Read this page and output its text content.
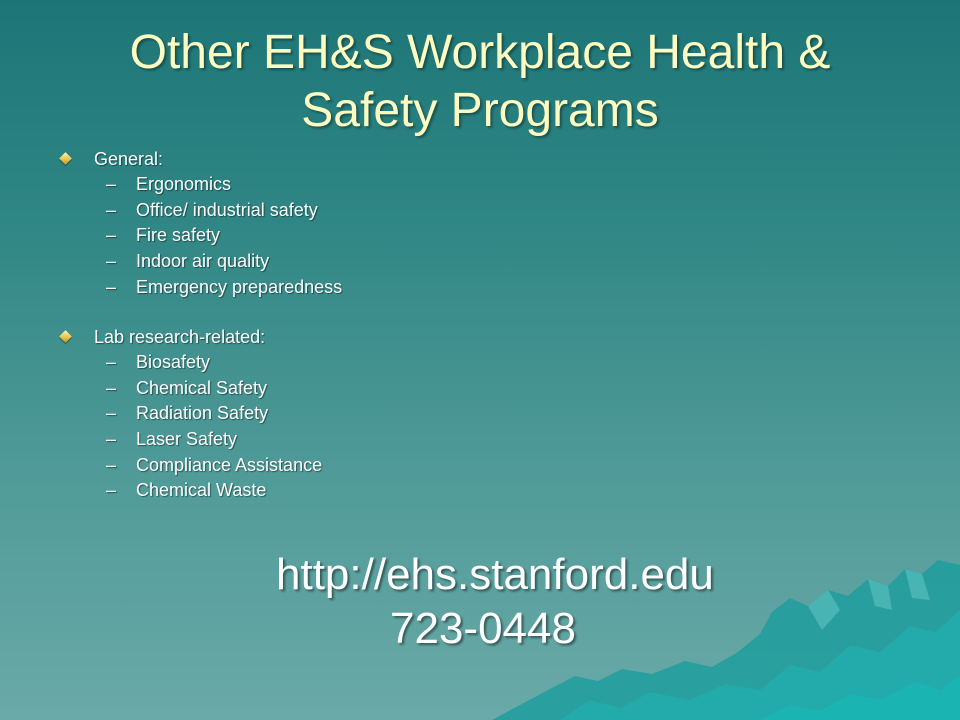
Other EH&S Workplace Health &
Safety Programs
General:
– Ergonomics
– Office/ industrial safety
– Fire safety
– Indoor air quality
– Emergency preparedness
Lab research-related:
– Biosafety
– Chemical Safety
– Radiation Safety
– Laser Safety
– Compliance Assistance
– Chemical Waste
http://ehs.stanford.edu
723-0448
